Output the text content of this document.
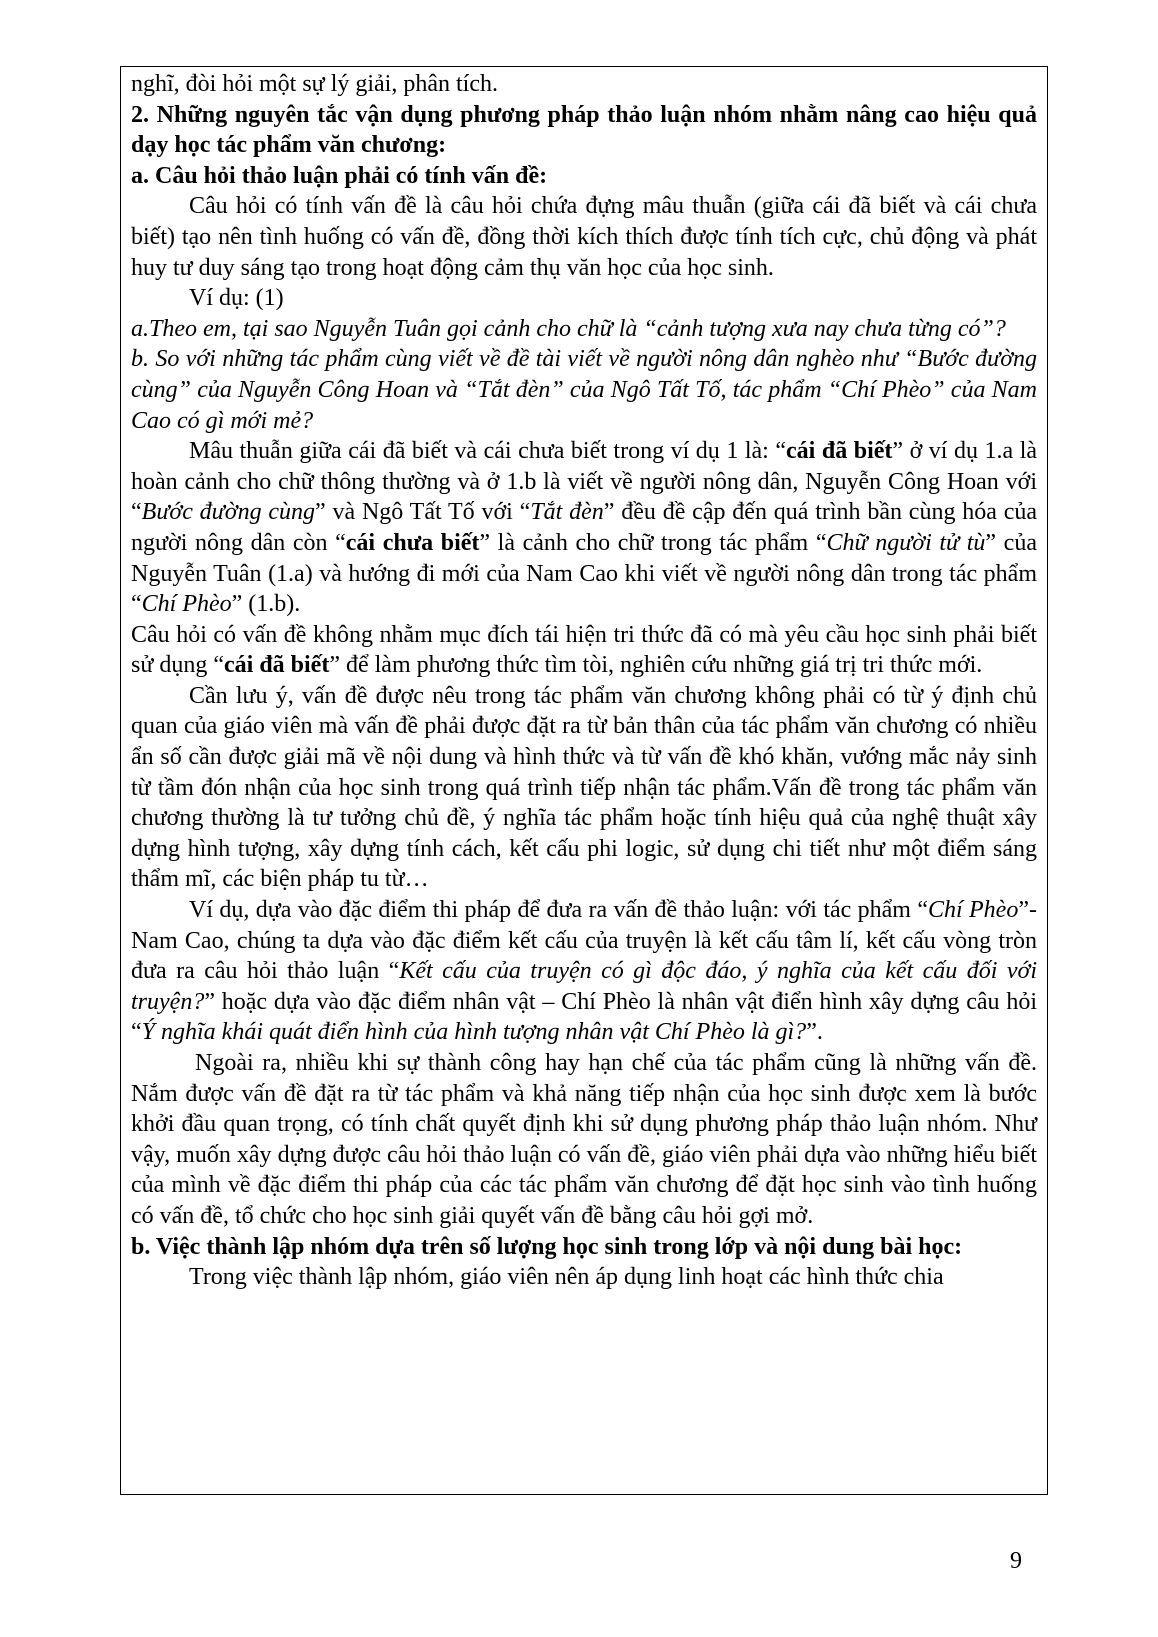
nghĩ, đòi hỏi một sự lý giải, phân tích.

2. Những nguyên tắc vận dụng phương pháp thảo luận nhóm nhằm nâng cao hiệu quả dạy học tác phẩm văn chương:

a. Câu hỏi thảo luận phải có tính vấn đề:

Câu hỏi có tính vấn đề là câu hỏi chứa đựng mâu thuẫn (giữa cái đã biết và cái chưa biết) tạo nên tình huống có vấn đề, đồng thời kích thích được tính tích cực, chủ động và phát huy tư duy sáng tạo trong hoạt động cảm thụ văn học của học sinh.

Ví dụ: (1)

a.Theo em, tại sao Nguyễn Tuân gọi cảnh cho chữ là “cảnh tượng xưa nay chưa từng có”?

b. So với những tác phẩm cùng viết về đề tài viết về người nông dân nghèo như “Bước đường cùng” của Nguyễn Công Hoan và “Tắt đèn” của Ngô Tất Tố, tác phẩm “Chí Phèo” của Nam Cao có gì mới mẻ?

Mâu thuẫn giữa cái đã biết và cái chưa biết trong ví dụ 1 là: “cái đã biết” ở ví dụ 1.a là hoàn cảnh cho chữ thông thường và ở 1.b là viết về người nông dân, Nguyễn Công Hoan với “Bước đường cùng” và Ngô Tất Tố với “Tắt đèn” đều đề cập đến quá trình bần cùng hóa của người nông dân còn “cái chưa biết” là cảnh cho chữ trong tác phẩm “Chữ người tử tù” của Nguyễn Tuân (1.a) và hướng đi mới của Nam Cao khi viết về người nông dân trong tác phẩm “Chí Phèo” (1.b).

Câu hỏi có vấn đề không nhằm mục đích tái hiện tri thức đã có mà yêu cầu học sinh phải biết sử dụng “cái đã biết” để làm phương thức tìm tòi, nghiên cứu những giá trị tri thức mới.

Cần lưu ý, vấn đề được nêu trong tác phẩm văn chương không phải có từ ý định chủ quan của giáo viên mà vấn đề phải được đặt ra từ bản thân của tác phẩm văn chương có nhiều ẩn số cần được giải mã về nội dung và hình thức và từ vấn đề khó khăn, vướng mắc nảy sinh từ tầm đón nhận của học sinh trong quá trình tiếp nhận tác phẩm.Vấn đề trong tác phẩm văn chương thường là tư tưởng chủ đề, ý nghĩa tác phẩm hoặc tính hiệu quả của nghệ thuật xây dựng hình tượng, xây dựng tính cách, kết cấu phi logic, sử dụng chi tiết như một điểm sáng thẩm mĩ, các biện pháp tu từ…

Ví dụ, dựa vào đặc điểm thi pháp để đưa ra vấn đề thảo luận: với tác phẩm “Chí Phèo”- Nam Cao, chúng ta dựa vào đặc điểm kết cấu của truyện là kết cấu tâm lí, kết cấu vòng tròn đưa ra câu hỏi thảo luận “Kết cấu của truyện có gì độc đáo, ý nghĩa của kết cấu đối với truyện?” hoặc dựa vào đặc điểm nhân vật – Chí Phèo là nhân vật điển hình xây dựng câu hỏi “Ý nghĩa khái quát điển hình của hình tượng nhân vật Chí Phèo là gì?”.

Ngoài ra, nhiều khi sự thành công hay hạn chế của tác phẩm cũng là những vấn đề. Nắm được vấn đề đặt ra từ tác phẩm và khả năng tiếp nhận của học sinh được xem là bước khởi đầu quan trọng, có tính chất quyết định khi sử dụng phương pháp thảo luận nhóm. Như vậy, muốn xây dựng được câu hỏi thảo luận có vấn đề, giáo viên phải dựa vào những hiểu biết của mình về đặc điểm thi pháp của các tác phẩm văn chương để đặt học sinh vào tình huống có vấn đề, tổ chức cho học sinh giải quyết vấn đề bằng câu hỏi gợi mở.

b. Việc thành lập nhóm dựa trên số lượng học sinh trong lớp và nội dung bài học:

Trong việc thành lập nhóm, giáo viên nên áp dụng linh hoạt các hình thức chia

9
